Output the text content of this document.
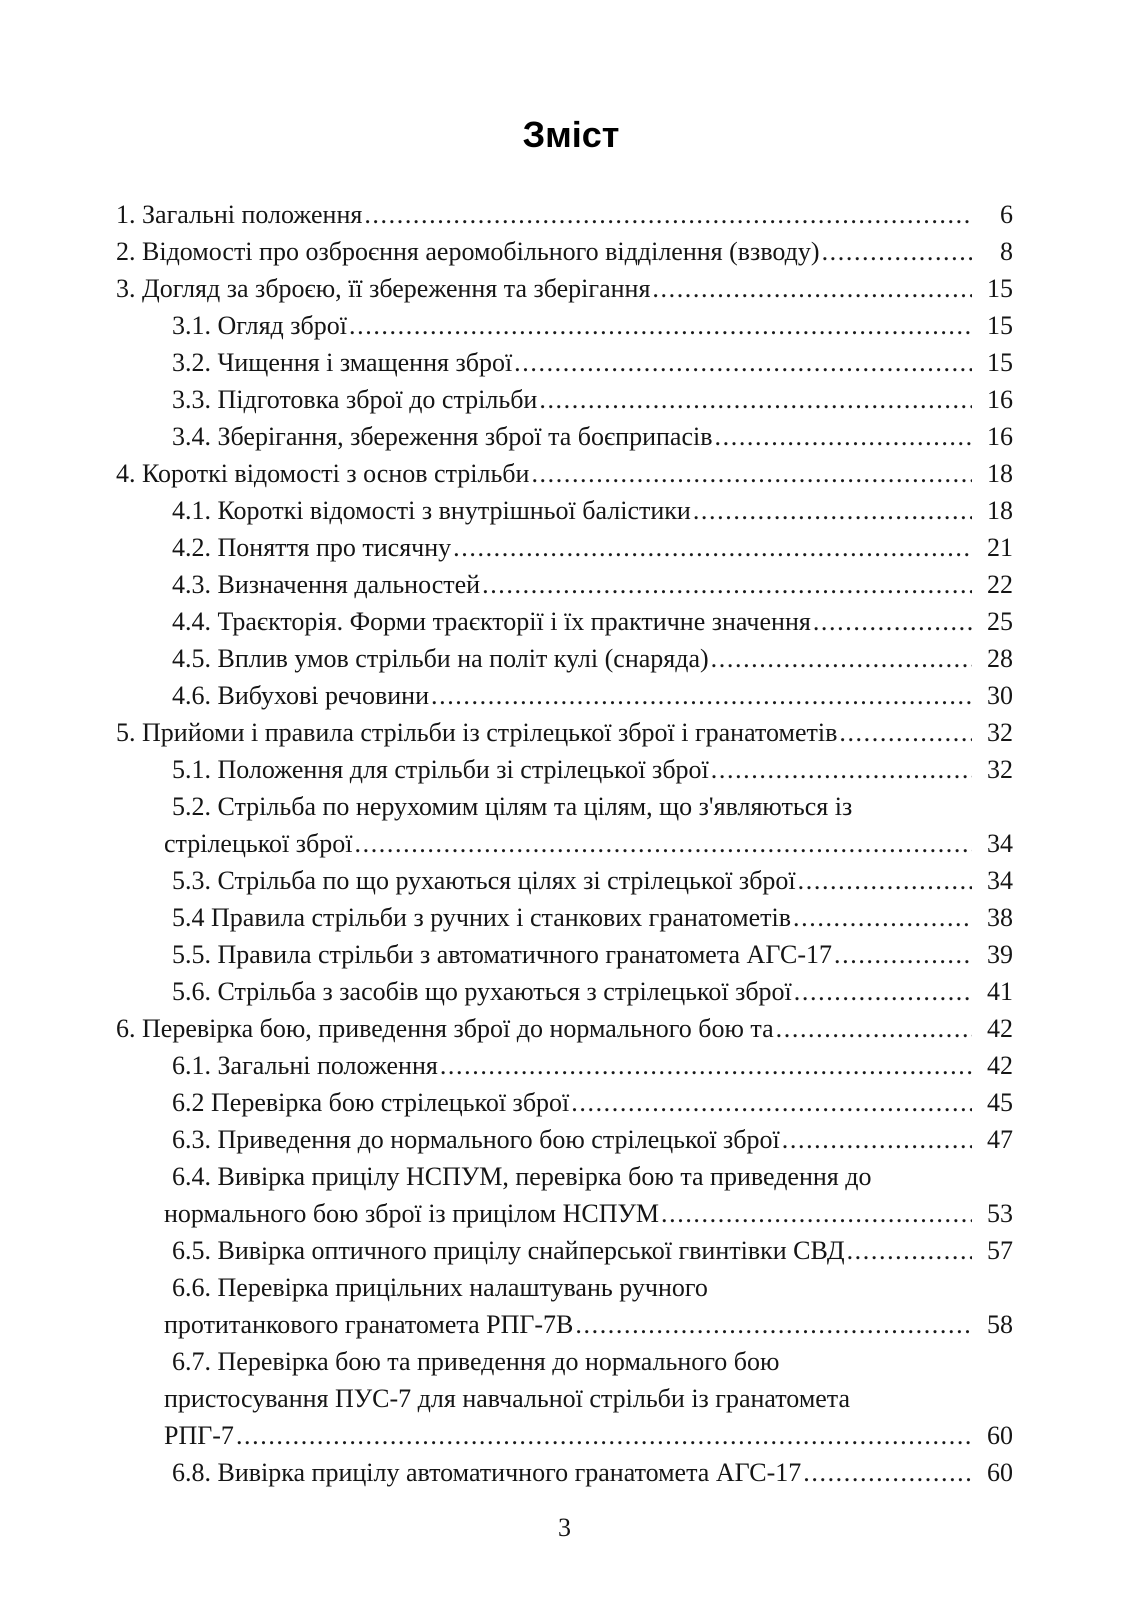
Зміст
1. Загальні положення .....	6
2. Відомості про озброєння аеромобільного відділення (взводу) .....	8
3. Догляд за зброєю, її збереження та зберігання .....	15
3.1. Огляд зброї .....	15
3.2. Чищення і змащення зброї .....	15
3.3. Підготовка зброї до стрільби .....	16
3.4. Зберігання, збереження зброї та боєприпасів .....	16
4. Короткі відомості з основ стрільби .....	18
4.1. Короткі відомості з внутрішньої балістики .....	18
4.2. Поняття про тисячну .....	21
4.3. Визначення дальностей .....	22
4.4. Траєкторія. Форми траєкторії і їх практичне значення .....	25
4.5. Вплив умов стрільби на політ кулі (снаряда) .....	28
4.6. Вибухові речовини .....	30
5. Прийоми і правила стрільби із стрілецької зброї і гранатометів .....	32
5.1. Положення для стрільби зі стрілецької зброї .....	32
5.2. Стрільба по нерухомим цілям та цілям, що з'являються із
стрілецької зброї .....	34
5.3. Стрільба по що рухаються цілях зі стрілецької зброї .....	34
5.4 Правила стрільби з ручних і станкових гранатометів .....	38
5.5. Правила стрільби з автоматичного гранатомета АГС-17 .....	39
5.6. Стрільба з засобів що рухаються з стрілецької зброї .....	41
6. Перевірка бою, приведення зброї до нормального бою та .....	42
6.1. Загальні положення .....	42
6.2 Перевірка бою стрілецької зброї .....	45
6.3. Приведення до нормального бою стрілецької зброї .....	47
6.4. Вивірка прицілу НСПУМ, перевірка бою та приведення до
нормального бою зброї із прицілом НСПУМ .....	53
6.5. Вивірка оптичного прицілу снайперської гвинтівки СВД .....	57
6.6. Перевірка прицільних налаштувань ручного
протитанкового гранатомета РПГ-7В .....	58
6.7. Перевірка бою та приведення до нормального бою
пристосування ПУС-7 для навчальної стрільби із гранатомета
РПГ-7 .....	60
6.8. Вивірка прицілу автоматичного гранатомета АГС-17 .....	60
3
